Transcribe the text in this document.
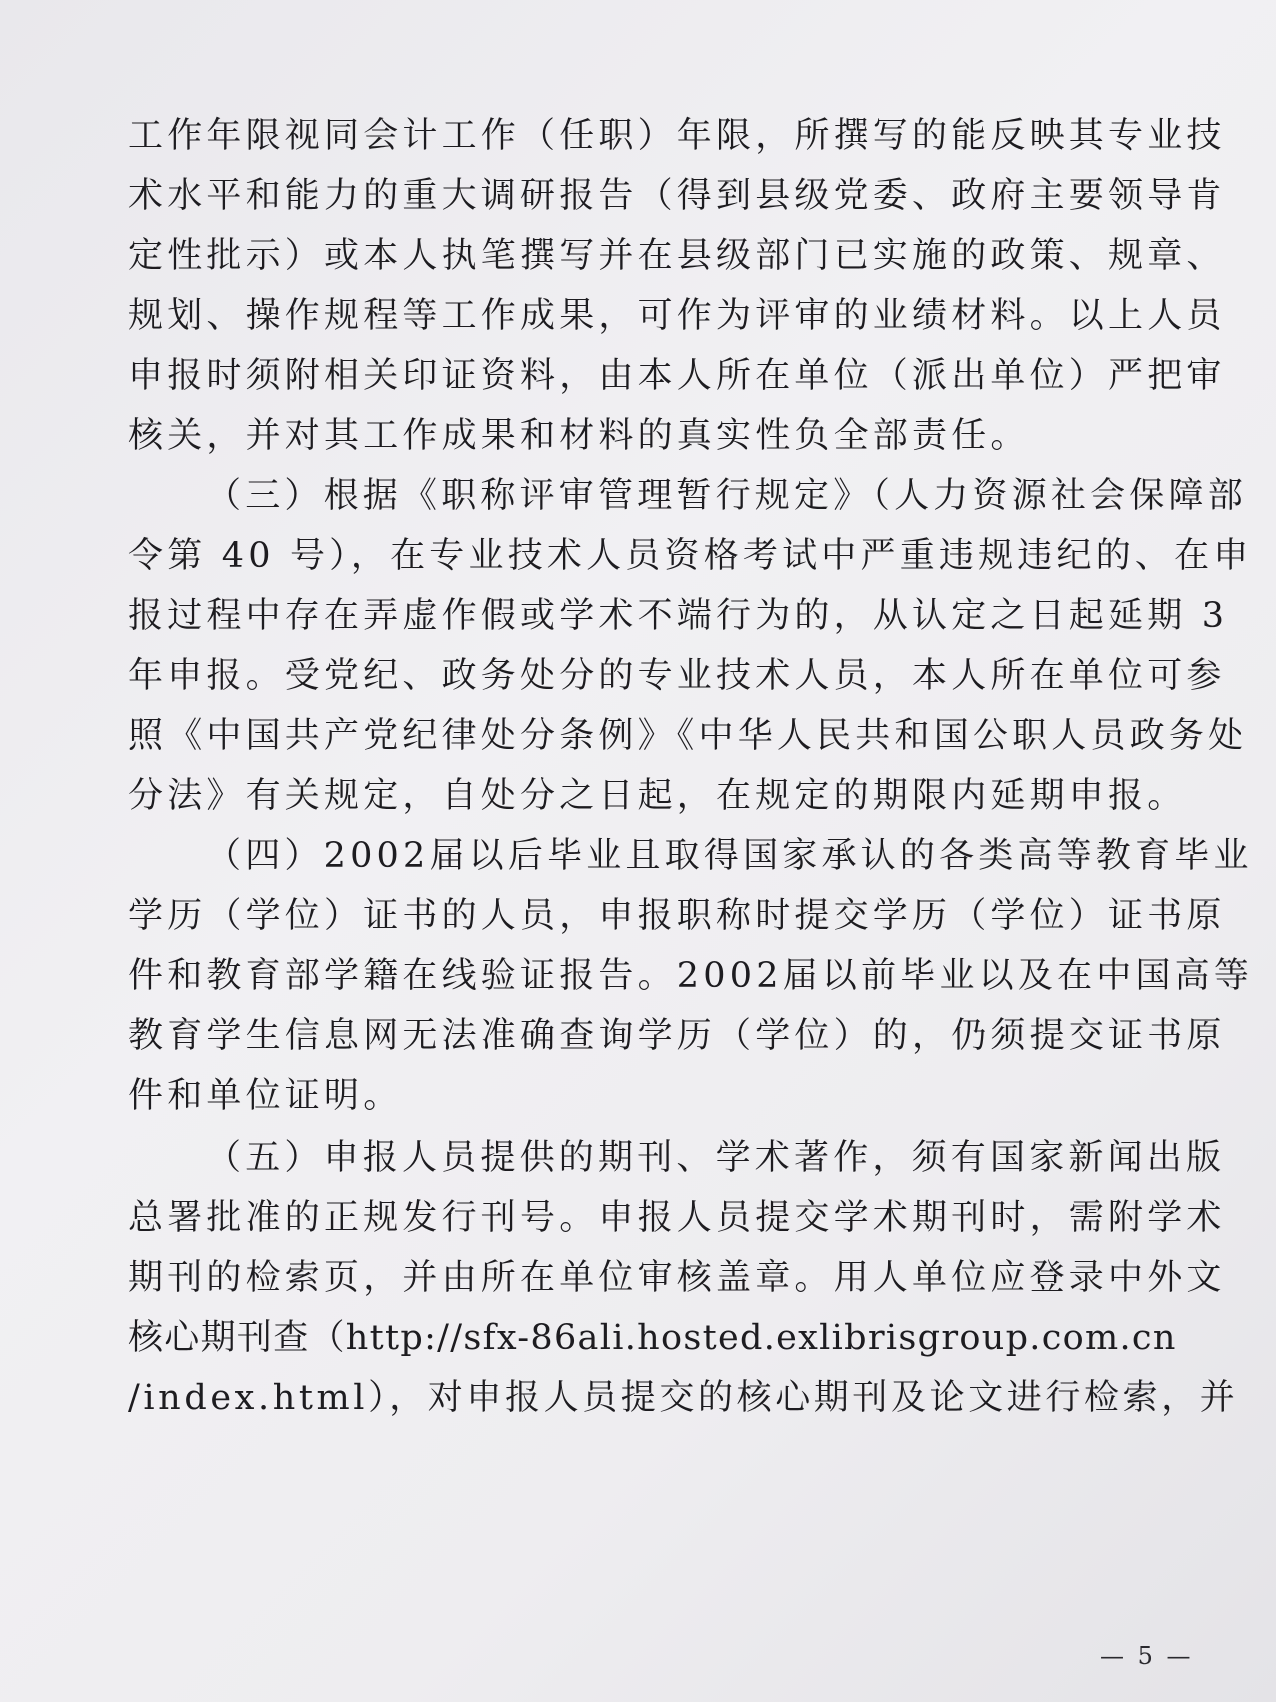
工作年限视同会计工作（任职）年限，所撰写的能反映其专业技
术水平和能力的重大调研报告（得到县级党委、政府主要领导肯
定性批示）或本人执笔撰写并在县级部门已实施的政策、规章、
规划、操作规程等工作成果，可作为评审的业绩材料。以上人员
申报时须附相关印证资料，由本人所在单位（派出单位）严把审
核关，并对其工作成果和材料的真实性负全部责任。
（三）根据《职称评审管理暂行规定》（人力资源社会保障部
令第 40 号），在专业技术人员资格考试中严重违规违纪的、在申
报过程中存在弄虚作假或学术不端行为的，从认定之日起延期 3
年申报。受党纪、政务处分的专业技术人员，本人所在单位可参
照《中国共产党纪律处分条例》《中华人民共和国公职人员政务处
分法》有关规定，自处分之日起，在规定的期限内延期申报。
（四）2002届以后毕业且取得国家承认的各类高等教育毕业
学历（学位）证书的人员，申报职称时提交学历（学位）证书原
件和教育部学籍在线验证报告。2002届以前毕业以及在中国高等
教育学生信息网无法准确查询学历（学位）的，仍须提交证书原
件和单位证明。
（五）申报人员提供的期刊、学术著作，须有国家新闻出版
总署批准的正规发行刊号。申报人员提交学术期刊时，需附学术
期刊的检索页，并由所在单位审核盖章。用人单位应登录中外文
核心期刊查（http://sfx-86ali.hosted.exlibrisgroup.com.cn
/index.html），对申报人员提交的核心期刊及论文进行检索，并
— 5 —
